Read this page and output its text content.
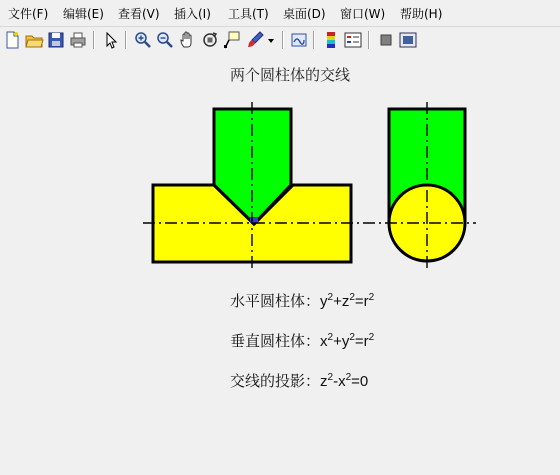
文件(F) 编辑(E) 查看(V) 插入(I) 工具(T) 桌面(D) 窗口(W) 帮助(H)
两个圆柱体的交线
水平圆柱体：$y^2+z^2=r^2$
垂直圆柱体：$x^2+y^2=r^2$
交线的投影：$z^2-x^2=0$
